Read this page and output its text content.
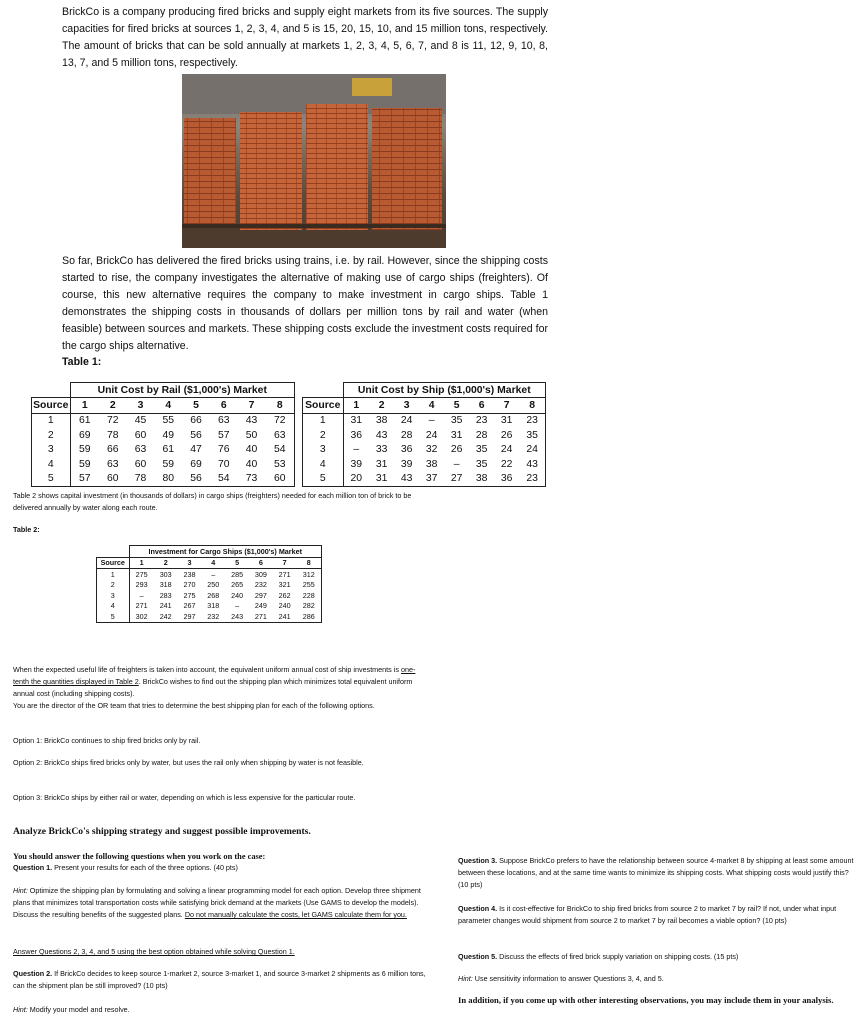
BrickCo is a company producing fired bricks and supply eight markets from its five sources. The supply capacities for fired bricks at sources 1, 2, 3, 4, and 5 is 15, 20, 15, 10, and 15 million tons, respectively. The amount of bricks that can be sold annually at markets 1, 2, 3, 4, 5, 6, 7, and 8 is 11, 12, 9, 10, 8, 13, 7, and 5 million tons, respectively.
So far, BrickCo has delivered the fired bricks using trains, i.e. by rail. However, since the shipping costs started to rise, the company investigates the alternative of making use of cargo ships (freighters). Of course, this new alternative requires the company to make investment in cargo ships. Table 1 demonstrates the shipping costs in thousands of dollars per million tons by rail and water (when feasible) between sources and markets. These shipping costs exclude the investment costs required for the cargo ships alternative.
Table 1:
	Unit Cost by Rail ($1,000's) Market							
Source	1	2	3	4	5	6	7	8
1	61	72	45	55	66	63	43	72
2	69	78	60	49	56	57	50	63
3	59	66	63	61	47	76	40	54
4	59	63	60	59	69	70	40	53
5	57	60	78	80	56	54	73	60
	Unit Cost by Ship ($1,000's) Market							
Source	1	2	3	4	5	6	7	8
1	31	38	24	–	35	23	31	23
2	36	43	28	24	31	28	26	35
3	–	33	36	32	26	35	24	24
4	39	31	39	38	–	35	22	43
5	20	31	43	37	27	38	36	23
Table 2 shows capital investment (in thousands of dollars) in cargo ships (freighters) needed for each million ton of brick to be delivered annually by water along each route.
Table 2:
	Investment for Cargo Ships ($1,000's) Market							
Source	1	2	3	4	5	6	7	8
1	275	303	238	–	285	309	271	312
2	293	318	270	250	265	232	321	255
3	–	283	275	268	240	297	262	228
4	271	241	267	318	–	249	240	282
5	302	242	297	232	243	271	241	286
When the expected useful life of freighters is taken into account, the equivalent uniform annual cost of ship investments is one-tenth the quantities displayed in Table 2. BrickCo wishes to find out the shipping plan which minimizes total equivalent uniform annual cost (including shipping costs).
You are the director of the OR team that tries to determine the best shipping plan for each of the following options.
Option 1: BrickCo continues to ship fired bricks only by rail.
Option 2: BrickCo ships fired bricks only by water, but uses the rail only when shipping by water is not feasible.
Option 3: BrickCo ships by either rail or water, depending on which is less expensive for the particular route.
Analyze BrickCo's shipping strategy and suggest possible improvements.
You should answer the following questions when you work on the case:
Question 1. Present your results for each of the three options. (40 pts)
Hint: Optimize the shipping plan by formulating and solving a linear programming model for each option. Develop three shipment plans that minimizes total transportation costs while satisfying brick demand at the markets (Use GAMS to develop the models). Discuss the resulting benefits of the suggested plans. Do not manually calculate the costs, let GAMS calculate them for you.
Answer Questions 2, 3, 4, and 5 using the best option obtained while solving Question 1.
Question 2. If BrickCo decides to keep source 1-market 2, source 3-market 1, and source 3-market 2 shipments as 6 million tons, can the shipment plan be still improved? (10 pts)
Hint: Modify your model and resolve.
Question 3. Suppose BrickCo prefers to have the relationship between source 4-market 8 by shipping at least some amount between these locations, and at the same time wants to minimize its shipping costs. What shipping costs would justify this? (10 pts)
Question 4. Is it cost-effective for BrickCo to ship fired bricks from source 2 to market 7 by rail? If not, under what input parameter changes would shipment from source 2 to market 7 by rail becomes a viable option? (10 pts)
Question 5. Discuss the effects of fired brick supply variation on shipping costs. (15 pts)
Hint: Use sensitivity information to answer Questions 3, 4, and 5.
In addition, if you come up with other interesting observations, you may include them in your analysis.
